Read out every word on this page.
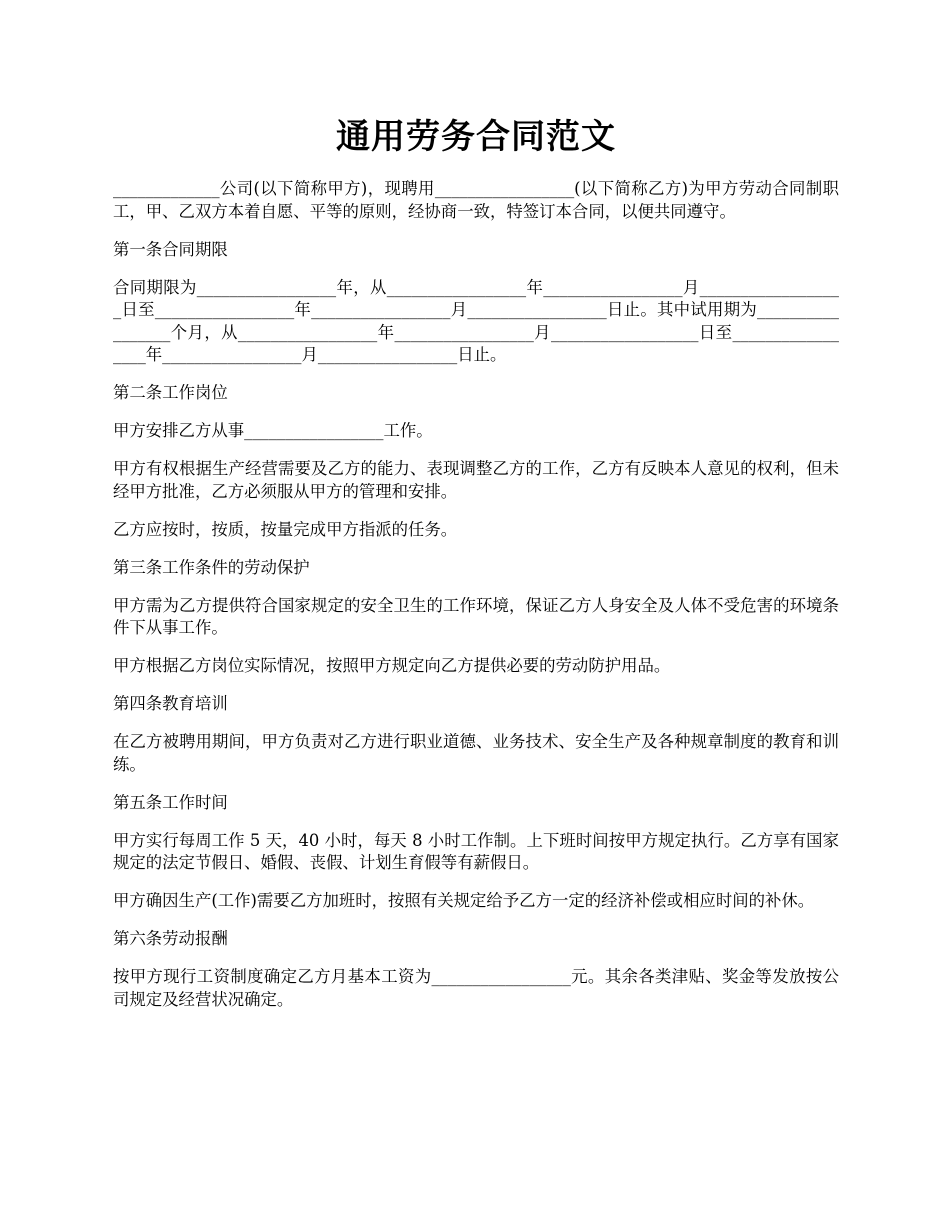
通用劳务合同范文

_____________公司(以下简称甲方)，现聘用_________________(以下简称乙方)为甲方劳动合同制职工，甲、乙双方本着自愿、平等的原则，经协商一致，特签订本合同，以便共同遵守。

第一条合同期限

合同期限为_________________年，从_________________年_________________月__________________日至_________________年_________________月_________________日止。其中试用期为_________________个月，从_________________年_________________月__________________日至_________________年_________________月_________________日止。

第二条工作岗位

甲方安排乙方从事_________________工作。

甲方有权根据生产经营需要及乙方的能力、表现调整乙方的工作，乙方有反映本人意见的权利，但未经甲方批准，乙方必须服从甲方的管理和安排。

乙方应按时，按质，按量完成甲方指派的任务。

第三条工作条件的劳动保护

甲方需为乙方提供符合国家规定的安全卫生的工作环境，保证乙方人身安全及人体不受危害的环境条件下从事工作。

甲方根据乙方岗位实际情况，按照甲方规定向乙方提供必要的劳动防护用品。

第四条教育培训

在乙方被聘用期间，甲方负责对乙方进行职业道德、业务技术、安全生产及各种规章制度的教育和训练。

第五条工作时间

甲方实行每周工作 5 天，40 小时，每天 8 小时工作制。上下班时间按甲方规定执行。乙方享有国家规定的法定节假日、婚假、丧假、计划生育假等有薪假日。

甲方确因生产(工作)需要乙方加班时，按照有关规定给予乙方一定的经济补偿或相应时间的补休。

第六条劳动报酬

按甲方现行工资制度确定乙方月基本工资为_________________元。其余各类津贴、奖金等发放按公司规定及经营状况确定。
